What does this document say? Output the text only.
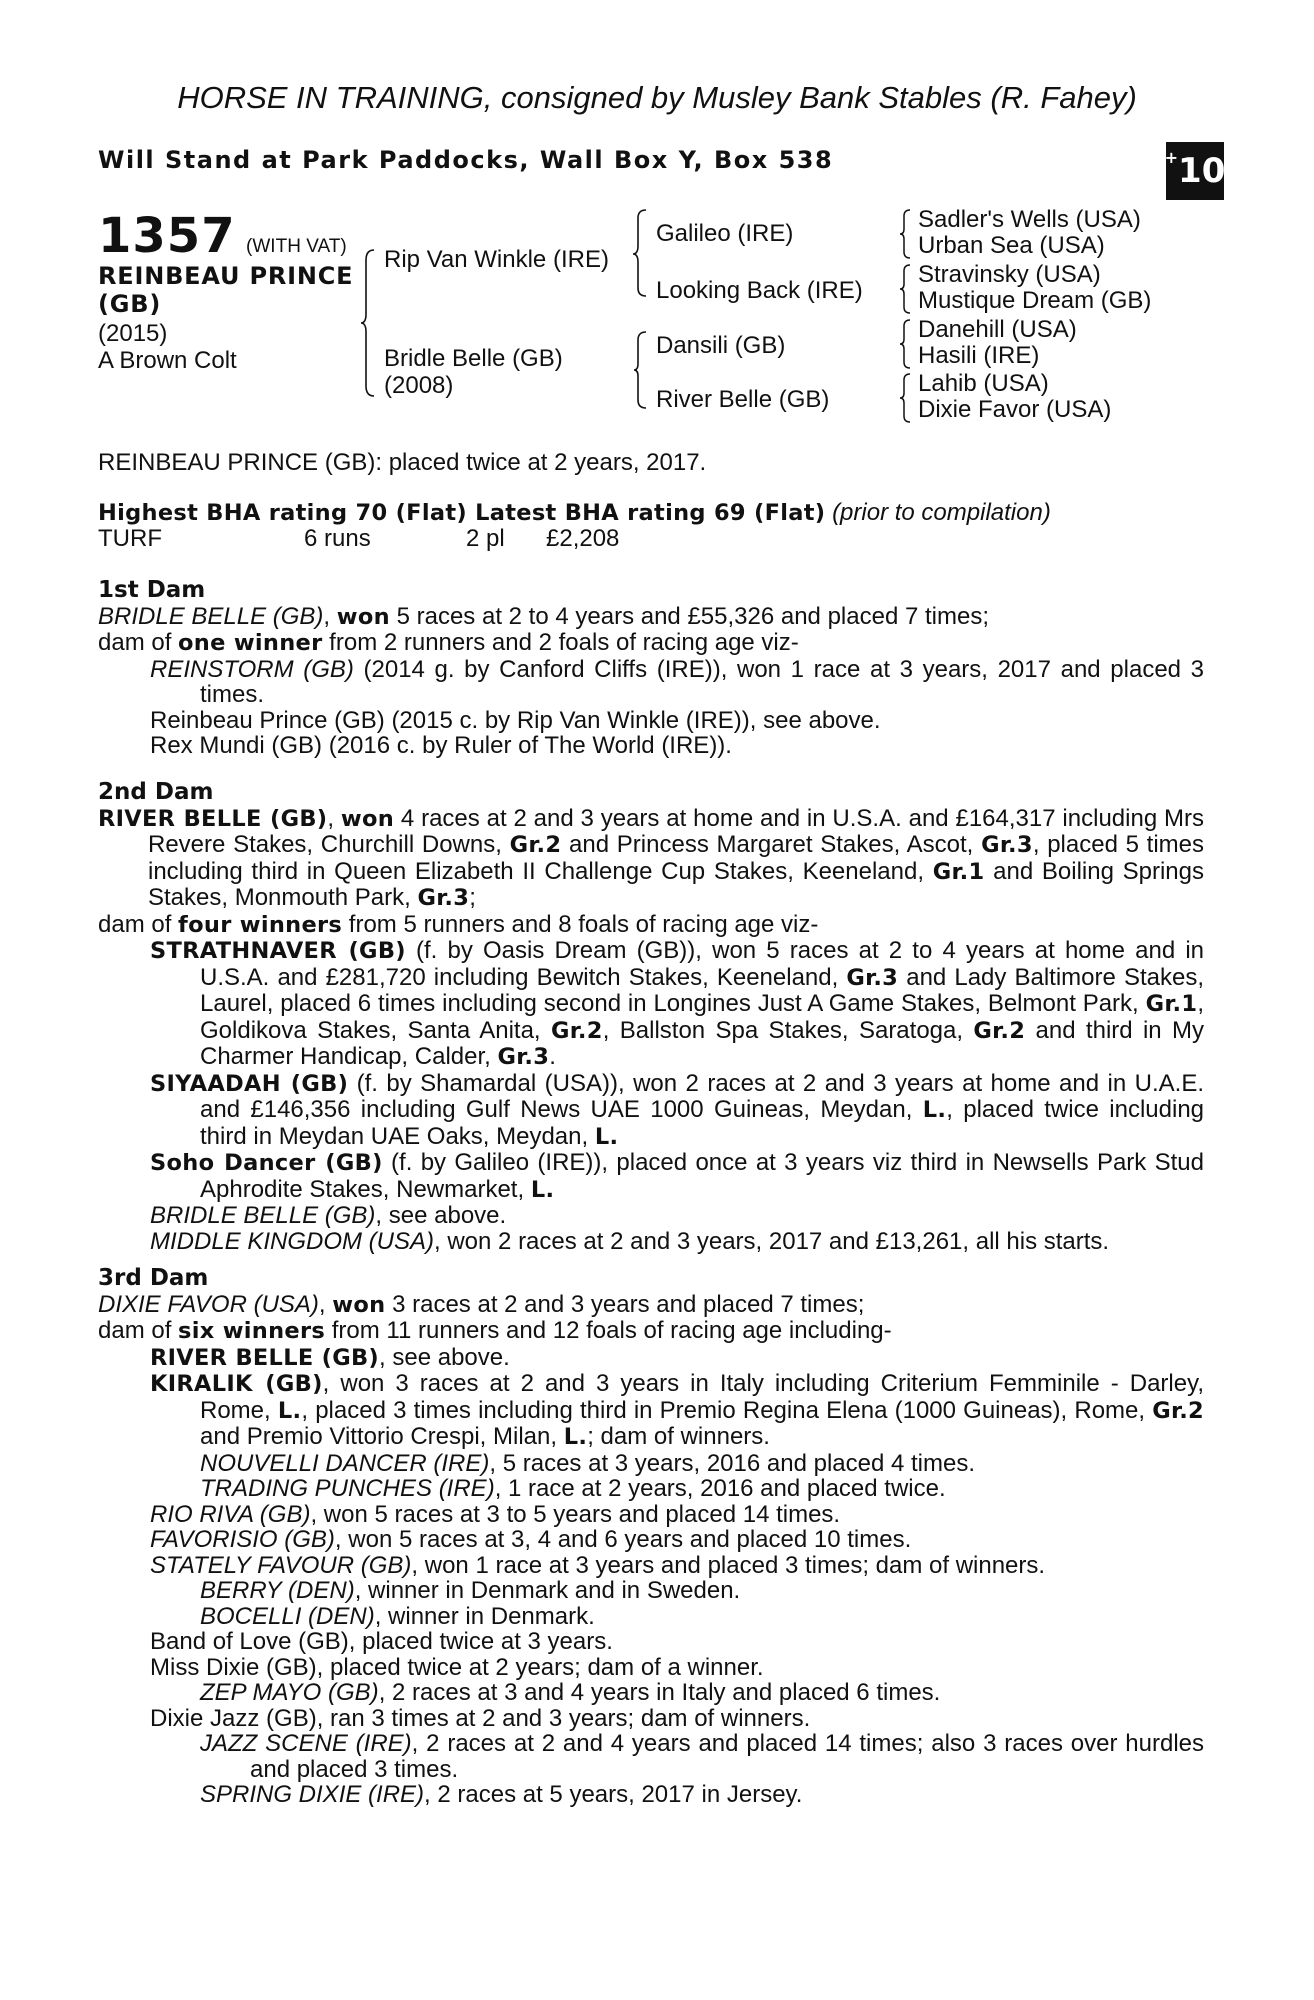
HORSE IN TRAINING, consigned by Musley Bank Stables (R. Fahey)
Will Stand at Park Paddocks, Wall Box Y, Box 538	+ 10
1357 (WITH VAT)
REINBEAU PRINCE (GB)
(2015)
A Brown Colt
Rip Van Winkle (IRE)
Bridle Belle (GB)
(2008)
Galileo (IRE)
Looking Back (IRE)
Dansili (GB)
River Belle (GB)
Sadler's Wells (USA)
Urban Sea (USA)
Stravinsky (USA)
Mustique Dream (GB)
Danehill (USA)
Hasili (IRE)
Lahib (USA)
Dixie Favor (USA)

REINBEAU PRINCE (GB): placed twice at 2 years, 2017.

Highest BHA rating 70 (Flat) Latest BHA rating 69 (Flat) (prior to compilation)

TURF	6 runs	2 pl £2,208

1st Dam

BRIDLE BELLE (GB), won 5 races at 2 to 4 years and £55,326 and placed 7 times;

dam of one winner from 2 runners and 2 foals of racing age viz-

REINSTORM (GB) (2014 g. by Canford Cliffs (IRE)), won 1 race at 3 years, 2017 and placed 3 times.

Reinbeau Prince (GB) (2015 c. by Rip Van Winkle (IRE)), see above.

Rex Mundi (GB) (2016 c. by Ruler of The World (IRE)).

2nd Dam

RIVER BELLE (GB), won 4 races at 2 and 3 years at home and in U.S.A. and £164,317 including Mrs Revere Stakes, Churchill Downs, Gr.2 and Princess Margaret Stakes, Ascot, Gr.3, placed 5 times including third in Queen Elizabeth II Challenge Cup Stakes, Keeneland, Gr.1 and Boiling Springs Stakes, Monmouth Park, Gr.3;

dam of four winners from 5 runners and 8 foals of racing age viz-

STRATHNAVER (GB) (f. by Oasis Dream (GB)), won 5 races at 2 to 4 years at home and in U.S.A. and £281,720 including Bewitch Stakes, Keeneland, Gr.3 and Lady Baltimore Stakes, Laurel, placed 6 times including second in Longines Just A Game Stakes, Belmont Park, Gr.1, Goldikova Stakes, Santa Anita, Gr.2, Ballston Spa Stakes, Saratoga, Gr.2 and third in My Charmer Handicap, Calder, Gr.3.

SIYAADAH (GB) (f. by Shamardal (USA)), won 2 races at 2 and 3 years at home and in U.A.E. and £146,356 including Gulf News UAE 1000 Guineas, Meydan, L., placed twice including third in Meydan UAE Oaks, Meydan, L.

Soho Dancer (GB) (f. by Galileo (IRE)), placed once at 3 years viz third in Newsells Park Stud Aphrodite Stakes, Newmarket, L.

BRIDLE BELLE (GB), see above.

MIDDLE KINGDOM (USA), won 2 races at 2 and 3 years, 2017 and £13,261, all his starts.

3rd Dam

DIXIE FAVOR (USA), won 3 races at 2 and 3 years and placed 7 times;

dam of six winners from 11 runners and 12 foals of racing age including-

RIVER BELLE (GB), see above.

KIRALIK (GB), won 3 races at 2 and 3 years in Italy including Criterium Femminile - Darley, Rome, L., placed 3 times including third in Premio Regina Elena (1000 Guineas), Rome, Gr.2 and Premio Vittorio Crespi, Milan, L.; dam of winners.

NOUVELLI DANCER (IRE), 5 races at 3 years, 2016 and placed 4 times.

TRADING PUNCHES (IRE), 1 race at 2 years, 2016 and placed twice.

RIO RIVA (GB), won 5 races at 3 to 5 years and placed 14 times.

FAVORISIO (GB), won 5 races at 3, 4 and 6 years and placed 10 times.

STATELY FAVOUR (GB), won 1 race at 3 years and placed 3 times; dam of winners.

BERRY (DEN), winner in Denmark and in Sweden.

BOCELLI (DEN), winner in Denmark.

Band of Love (GB), placed twice at 3 years.

Miss Dixie (GB), placed twice at 2 years; dam of a winner.

ZEP MAYO (GB), 2 races at 3 and 4 years in Italy and placed 6 times.

Dixie Jazz (GB), ran 3 times at 2 and 3 years; dam of winners.

JAZZ SCENE (IRE), 2 races at 2 and 4 years and placed 14 times; also 3 races over hurdles and placed 3 times.

SPRING DIXIE (IRE), 2 races at 5 years, 2017 in Jersey.
